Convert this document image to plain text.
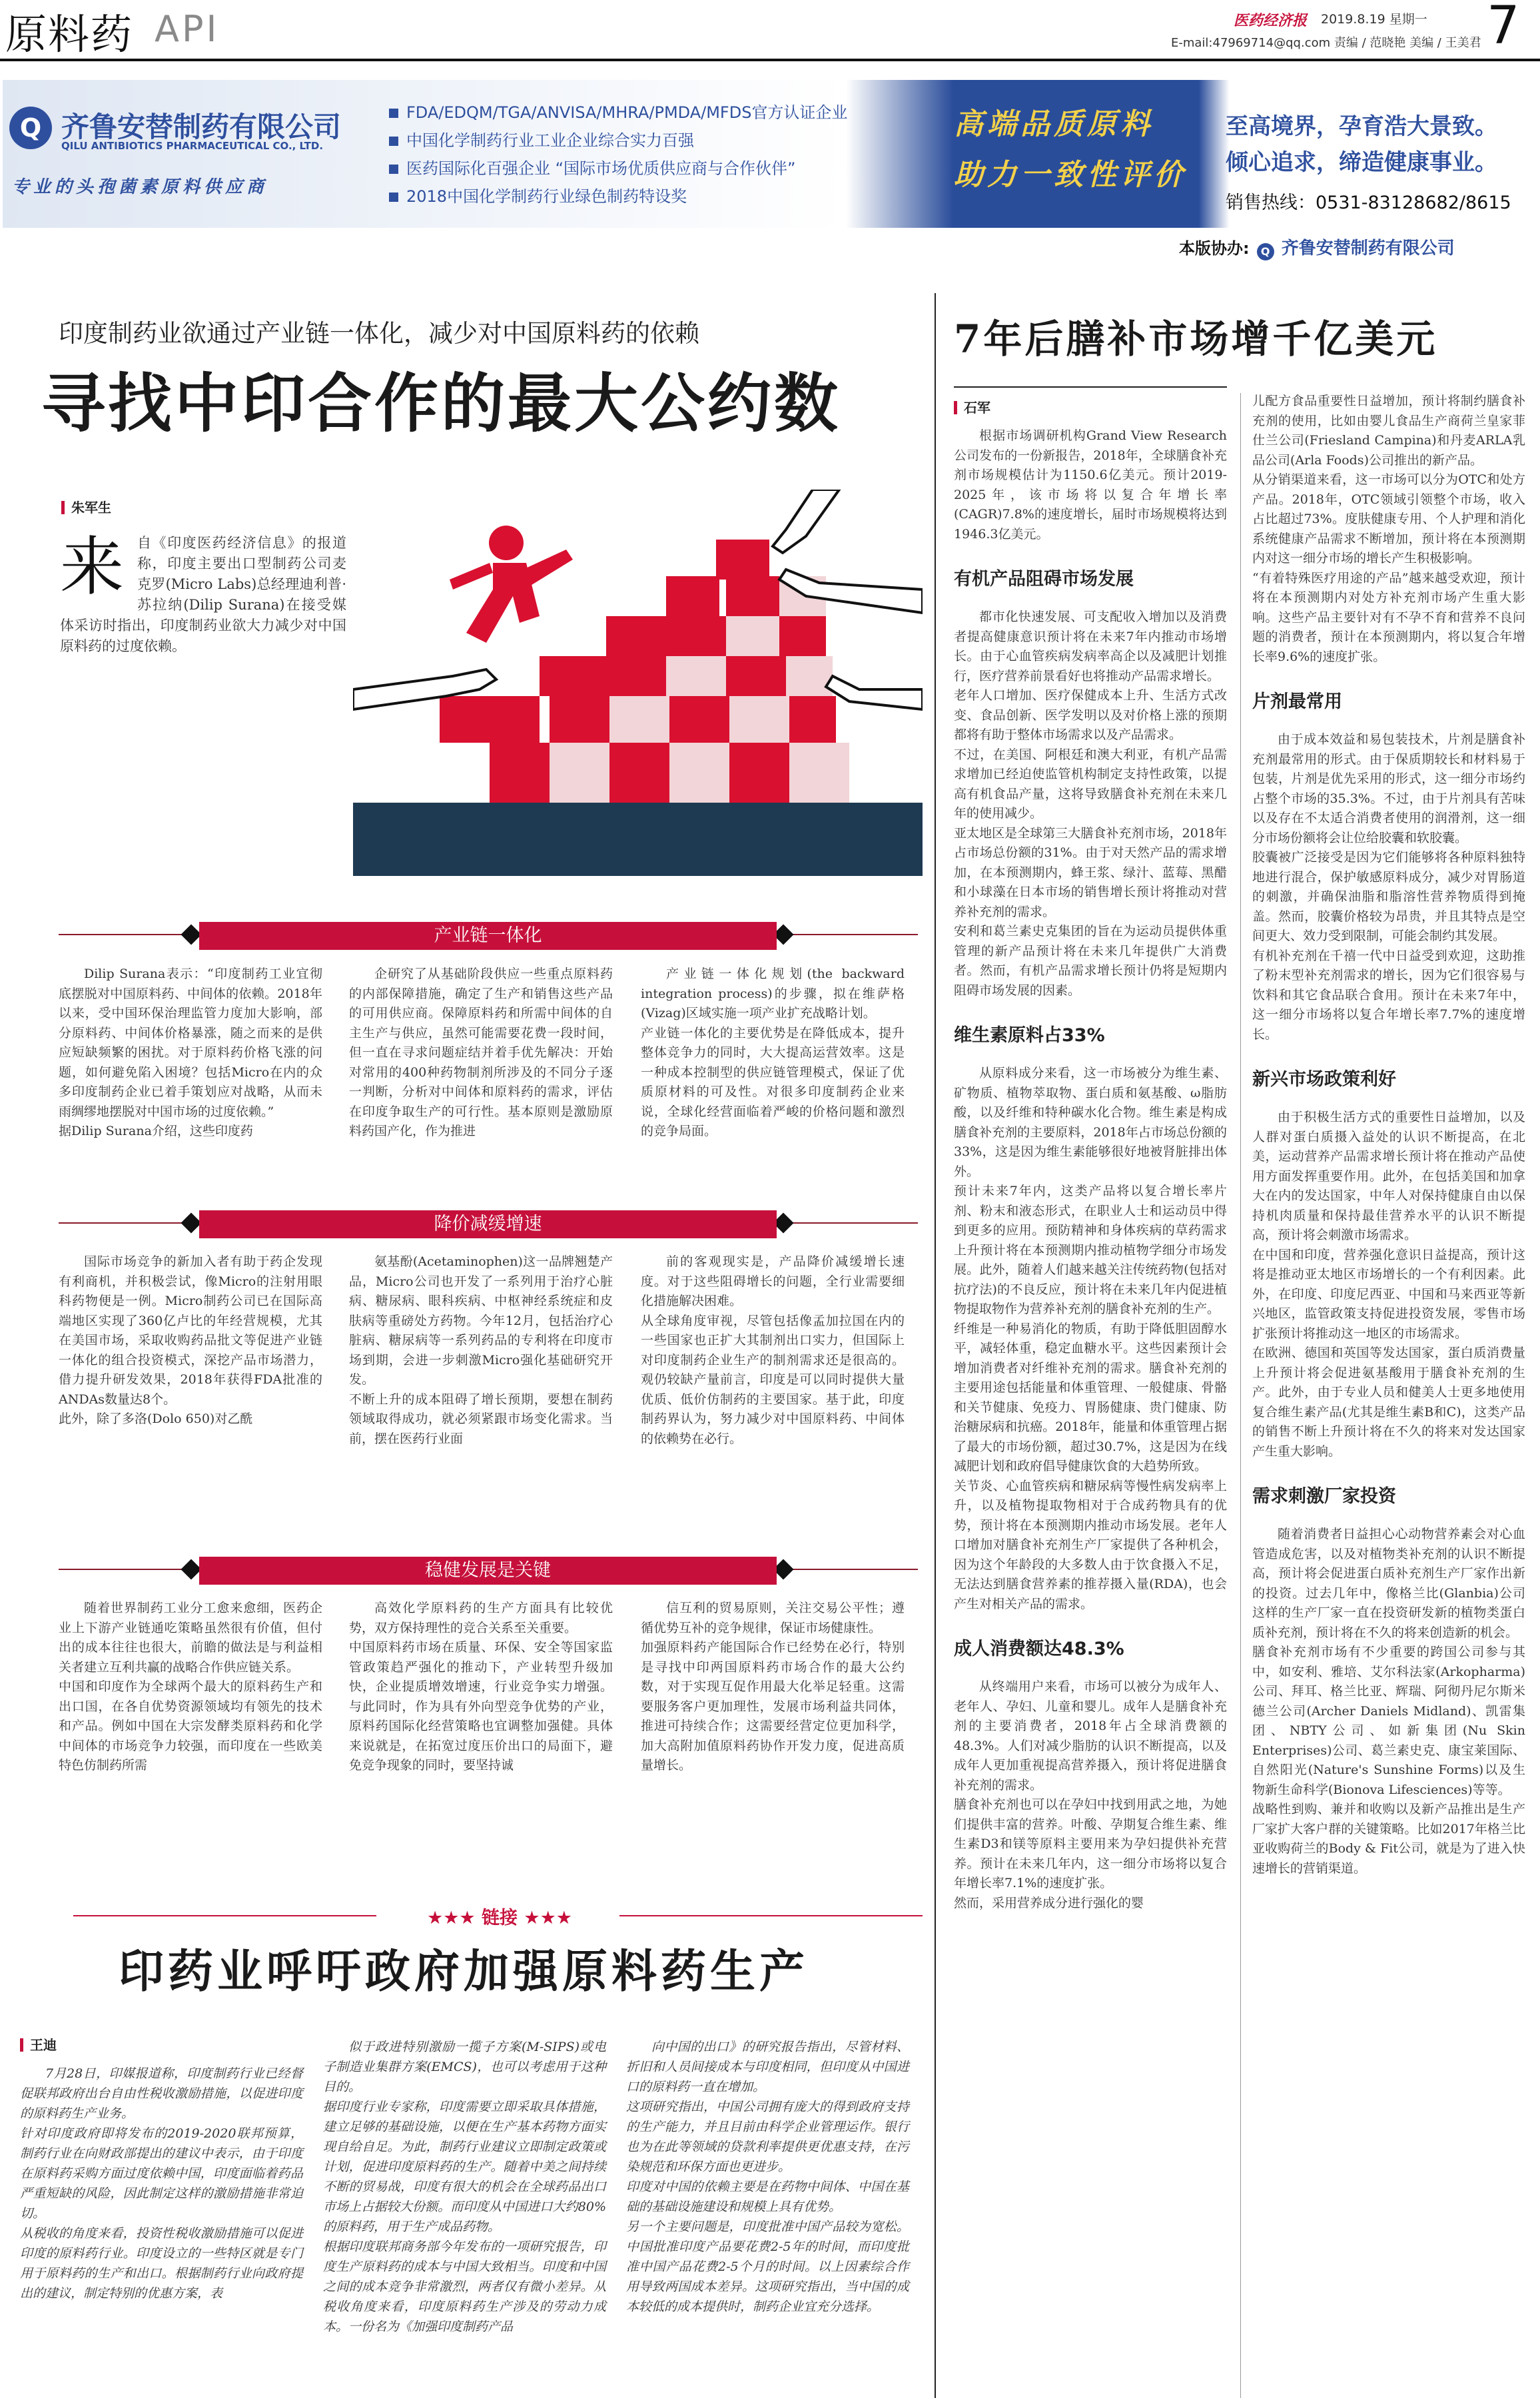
原料药 API	医药经济报 2019.8.19 星期一 7
E-mail:47969714@qq.com 责编 / 范晓艳 美编 / 王美君
Q 齐鲁安替制药有限公司
QILU ANTIBIOTICS PHARMACEUTICAL CO., LTD.
专业的头孢菌素原料供应商
FDA/EDQM/TGA/ANVISA/MHRA/PMDA/MFDS官方认证企业
中国化学制药行业工业企业综合实力百强
医药国际化百强企业 “国际市场优质供应商与合作伙伴”
2018中国化学制药行业绿色制药特设奖
高端品质原料
助力一致性评价
至高境界，孕育浩大景致。
倾心追求，缔造健康事业。
销售热线：0531-83128682/8615
本版协办: Q 齐鲁安替制药有限公司
印度制药业欲通过产业链一体化，减少对中国原料药的依赖
寻找中印合作的最大公约数
朱军生
来 自《印度医药经济信息》的报道称，印度主要出口型制药公司麦克罗(Micro Labs)总经理迪利普·苏拉纳(Dilip Surana)在接受媒体采访时指出，印度制药业欲大力减少对中国原料药的过度依赖。
产业链一体化
Dilip Surana表示：“印度制药工业宜彻底摆脱对中国原料药、中间体的依赖。2018年以来，受中国环保治理监管力度加大影响，部分原料药、中间体价格暴涨，随之而来的是供应短缺频繁的困扰。对于原料药价格飞涨的问题，如何避免陷入困境？包括Micro在内的众多印度制药企业已着手策划应对战略，从而未雨绸缪地摆脱对中国市场的过度依赖。”
据Dilip Surana介绍，这些印度药
企研究了从基础阶段供应一些重点原料药的内部保障措施，确定了生产和销售这些产品的可用供应商。保障原料药和所需中间体的自主生产与供应，虽然可能需要花费一段时间，但一直在寻求问题症结并着手优先解决：开始对常用的400种药物制剂所涉及的不同分子逐一判断，分析对中间体和原料药的需求，评估在印度争取生产的可行性。基本原则是激励原料药国产化，作为推进
产业链一体化规划(the backward integration process)的步骤，拟在维萨格(Vizag)区域实施一项产业扩充战略计划。
产业链一体化的主要优势是在降低成本，提升整体竞争力的同时，大大提高运营效率。这是一种成本控制型的供应链管理模式，保证了优质原材料的可及性。对很多印度制药企业来说，全球化经营面临着严峻的价格问题和激烈的竞争局面。
降价减缓增速
国际市场竞争的新加入者有助于药企发现有利商机，并积极尝试，像Micro的注射用眼科药物便是一例。Micro制药公司已在国际高端地区实现了360亿卢比的年经营规模，尤其在美国市场，采取收购药品批文等促进产业链一体化的组合投资模式，深挖产品市场潜力，借力提升研发效果，2018年获得FDA批准的ANDAs数量达8个。
此外，除了多洛(Dolo 650)对乙酰
氨基酚(Acetaminophen)这一品牌翘楚产品，Micro公司也开发了一系列用于治疗心脏病、糖尿病、眼科疾病、中枢神经系统症和皮肤病等重磅处方药物。今年12月，包括治疗心脏病、糖尿病等一系列药品的专利将在印度市场到期，会进一步刺激Micro强化基础研究开发。
不断上升的成本阻碍了增长预期，要想在制药领域取得成功，就必须紧跟市场变化需求。当前，摆在医药行业面
前的客观现实是，产品降价减缓增长速度。对于这些阻碍增长的问题，全行业需要细化措施解决困难。
从全球角度审视，尽管包括像孟加拉国在内的一些国家也正扩大其制剂出口实力，但国际上对印度制药企业生产的制剂需求还是很高的。观仍较缺产量前言，印度是可以同时提供大量优质、低价仿制药的主要国家。基于此，印度制药界认为，努力减少对中国原料药、中间体的依赖势在必行。
稳健发展是关键
随着世界制药工业分工愈来愈细，医药企业上下游产业链通吃策略虽然很有价值，但付出的成本往往也很大，前瞻的做法是与利益相关者建立互利共赢的战略合作供应链关系。
中国和印度作为全球两个最大的原料药生产和出口国，在各自优势资源领域均有领先的技术和产品。例如中国在大宗发酵类原料药和化学中间体的市场竞争力较强，而印度在一些欧美特色仿制药所需
高效化学原料药的生产方面具有比较优势，双方保持理性的竞合关系至关重要。
中国原料药市场在质量、环保、安全等国家监管政策趋严强化的推动下，产业转型升级加快，企业提质增效增速，行业竞争实力增强。与此同时，作为具有外向型竞争优势的产业，原料药国际化经营策略也宜调整加强健。具体来说就是，在拓宽过度压价出口的局面下，避免竞争现象的同时，要坚持诚
信互利的贸易原则，关注交易公平性；遵循优势互补的竞争规律，保证市场健康性。
加强原料药产能国际合作已经势在必行，特别是寻找中印两国原料药市场合作的最大公约数，对于实现互促作用最大化举足轻重。这需要服务客户更加理性，发展市场利益共同体，推进可持续合作；这需要经营定位更加科学，加大高附加值原料药协作开发力度，促进高质量增长。
★★★ 链接 ★★★
印药业呼吁政府加强原料药生产
王迪
7月28日，印媒报道称，印度制药行业已经督促联邦政府出台自由性税收激励措施，以促进印度的原料药生产业务。
针对印度政府即将发布的2019-2020联邦预算，制药行业在向财政部提出的建议中表示，由于印度在原料药采购方面过度依赖中国，印度面临着药品严重短缺的风险，因此制定这样的激励措施非常迫切。
从税收的角度来看，投资性税收激励措施可以促进印度的原料药行业。印度设立的一些特区就是专门用于原料药的生产和出口。根据制药行业向政府提出的建议，制定特别的优惠方案，表
似于政进特别激励一揽子方案(M-SIPS)或电子制造业集群方案(EMCS)，也可以考虑用于这种目的。
据印度行业专家称，印度需要立即采取具体措施，建立足够的基础设施，以便在生产基本药物方面实现自给自足。为此，制药行业建议立即制定政策或计划，促进印度原料药的生产。随着中美之间持续不断的贸易战，印度有很大的机会在全球药品出口市场上占据较大份额。而印度从中国进口大约80%的原料药，用于生产成品药物。
根据印度联邦商务部今年发布的一项研究报告，印度生产原料药的成本与中国大致相当。印度和中国之间的成本竞争非常激烈，两者仅有微小差异。从税收角度来看，印度原料药生产涉及的劳动力成本。一份名为《加强印度制药产品
向中国的出口》的研究报告指出，尽管材料、折旧和人员间接成本与印度相同，但印度从中国进口的原料药一直在增加。
这项研究指出，中国公司拥有庞大的得到政府支持的生产能力，并且目前由科学企业管理运作。银行也为在此等领域的贷款利率提供更优惠支持，在污染规范和环保方面也更进步。
印度对中国的依赖主要是在药物中间体、中国在基础的基础设施建设和规模上具有优势。
另一个主要问题是，印度批准中国产品较为宽松。中国批准印度产品要花费2-5年的时间，而印度批准中国产品花费2-5个月的时间。以上因素综合作用导致两国成本差异。这项研究指出，当中国的成本较低的成本提供时，制药企业宜充分选择。
7年后膳补市场增千亿美元
石军
根据市场调研机构Grand View Research公司发布的一份新报告，2018年，全球膳食补充剂市场规模估计为1150.6亿美元。预计2019-2025年，该市场将以复合年增长率(CAGR)7.8%的速度增长，届时市场规模将达到1946.3亿美元。
有机产品阻碍市场发展
都市化快速发展、可支配收入增加以及消费者提高健康意识预计将在未来7年内推动市场增长。由于心血管疾病发病率高企以及减肥计划推行，医疗营养前景看好也将推动产品需求增长。
老年人口增加、医疗保健成本上升、生活方式改变、食品创新、医学发明以及对价格上涨的预期都将有助于整体市场需求以及产品需求。
不过，在美国、阿根廷和澳大利亚，有机产品需求增加已经迫使监管机构制定支持性政策，以提高有机食品产量，这将导致膳食补充剂在未来几年的使用减少。
亚太地区是全球第三大膳食补充剂市场，2018年占市场总份额的31%。由于对天然产品的需求增加，在本预测期内，蜂王浆、绿汁、蓝莓、黑醋和小球藻在日本市场的销售增长预计将推动对营养补充剂的需求。
安利和葛兰素史克集团的旨在为运动员提供体重管理的新产品预计将在未来几年提供广大消费者。然而，有机产品需求增长预计仍将是短期内阻碍市场发展的因素。
维生素原料占33%
从原料成分来看，这一市场被分为维生素、矿物质、植物萃取物、蛋白质和氨基酸、ω脂肪酸，以及纤维和特种碳水化合物。维生素是构成膳食补充剂的主要原料，2018年占市场总份额的33%，这是因为维生素能够很好地被肾脏排出体外。
预计未来7年内，这类产品将以复合增长率片剂、粉末和液态形式，在职业人士和运动员中得到更多的应用。预防精神和身体疾病的草药需求上升预计将在本预测期内推动植物学细分市场发展。此外，随着人们越来越关注传统药物(包括对抗疗法)的不良反应，预计将在未来几年内促进植物提取物作为营养补充剂的膳食补充剂的生产。
纤维是一种易消化的物质，有助于降低胆固醇水平，减轻体重，稳定血糖水平。这些因素预计会增加消费者对纤维补充剂的需求。膳食补充剂的主要用途包括能量和体重管理、一般健康、骨骼和关节健康、免疫力、胃肠健康、贵门健康、防治糖尿病和抗癌。2018年，能量和体重管理占据了最大的市场份额，超过30.7%，这是因为在线减肥计划和政府倡导健康饮食的大趋势所致。
关节炎、心血管疾病和糖尿病等慢性病发病率上升，以及植物提取物相对于合成药物具有的优势，预计将在本预测期内推动市场发展。老年人口增加对膳食补充剂生产厂家提供了各种机会，因为这个年龄段的大多数人由于饮食摄入不足，无法达到膳食营养素的推荐摄入量(RDA)，也会产生对相关产品的需求。
成人消费额达48.3%
从终端用户来看，市场可以被分为成年人、老年人、孕妇、儿童和婴儿。成年人是膳食补充剂的主要消费者，2018年占全球消费额的48.3%。人们对减少脂肪的认识不断提高，以及成年人更加重视提高营养摄入，预计将促进膳食补充剂的需求。
膳食补充剂也可以在孕妇中找到用武之地，为她们提供丰富的营养。叶酸、孕期复合维生素、维生素D3和镁等原料主要用来为孕妇提供补充营养。预计在未来几年内，这一细分市场将以复合年增长率7.1%的速度扩张。
然而，采用营养成分进行强化的婴
儿配方食品重要性日益增加，预计将制约膳食补充剂的使用，比如由婴儿食品生产商荷兰皇家菲仕兰公司(Friesland Campina)和丹麦ARLA乳品公司(Arla Foods)公司推出的新产品。
从分销渠道来看，这一市场可以分为OTC和处方产品。2018年，OTC领域引领整个市场，收入占比超过73%。度肤健康专用、个人护理和消化系统健康产品需求不断增加，预计将在本预测期内对这一细分市场的增长产生积极影响。
“有着特殊医疗用途的产品”越来越受欢迎，预计将在本预测期内对处方补充剂市场产生重大影响。这些产品主要针对有不孕不育和营养不良问题的消费者，预计在本预测期内，将以复合年增长率9.6%的速度扩张。
片剂最常用
由于成本效益和易包装技术，片剂是膳食补充剂最常用的形式。由于保质期较长和材料易于包装，片剂是优先采用的形式，这一细分市场约占整个市场的35.3%。不过，由于片剂具有苦味以及存在不太适合消费者使用的润滑剂，这一细分市场份额将会让位给胶囊和软胶囊。
胶囊被广泛接受是因为它们能够将各种原料独特地进行混合，保护敏感原料成分，减少对胃肠道的刺激，并确保油脂和脂溶性营养物质得到掩盖。然而，胶囊价格较为昂贵，并且其特点是空间更大、效力受到限制，可能会制约其发展。
有机补充剂在千禧一代中日益受到欢迎，这助推了粉末型补充剂需求的增长，因为它们很容易与饮料和其它食品联合食用。预计在未来7年中，这一细分市场将以复合年增长率7.7%的速度增长。
新兴市场政策利好
由于积极生活方式的重要性日益增加，以及人群对蛋白质摄入益处的认识不断提高，在北美，运动营养产品需求增长预计将在推动产品使用方面发挥重要作用。此外，在包括美国和加拿大在内的发达国家，中年人对保持健康自由以保持机肉质量和保持最佳营养水平的认识不断提高，预计将会刺激市场需求。
在中国和印度，营养强化意识日益提高，预计这将是推动亚太地区市场增长的一个有利因素。此外，在印度、印度尼西亚、中国和马来西亚等新兴地区，监管政策支持促进投资发展，零售市场扩张预计将推动这一地区的市场需求。
在欧洲、德国和英国等发达国家，蛋白质消费量上升预计将会促进氨基酸用于膳食补充剂的生产。此外，由于专业人员和健美人士更多地使用复合维生素产品(尤其是维生素B和C)，这类产品的销售不断上升预计将在不久的将来对发达国家产生重大影响。
需求刺激厂家投资
随着消费者日益担心心动物营养素会对心血管造成危害，以及对植物类补充剂的认识不断提高，预计将会促进蛋白质补充剂生产厂家作出新的投资。过去几年中，像格兰比(Glanbia)公司这样的生产厂家一直在投资研发新的植物类蛋白质补充剂，预计将在不久的将来创造新的机会。
膳食补充剂市场有不少重要的跨国公司参与其中，如安利、雅培、艾尔科法家(Arkopharma)公司、拜耳、格兰比亚、辉瑞、阿彻丹尼尔斯米德兰公司(Archer Daniels Midland)、凯雷集团、NBTY公司、如新集团(Nu Skin Enterprises)公司、葛兰素史克、康宝莱国际、自然阳光(Nature's Sunshine Forms)以及生物新生命科学(Bionova Lifesciences)等等。
战略性到购、兼并和收购以及新产品推出是生产厂家扩大客户群的关键策略。比如2017年格兰比亚收购荷兰的Body & Fit公司，就是为了进入快速增长的营销渠道。
